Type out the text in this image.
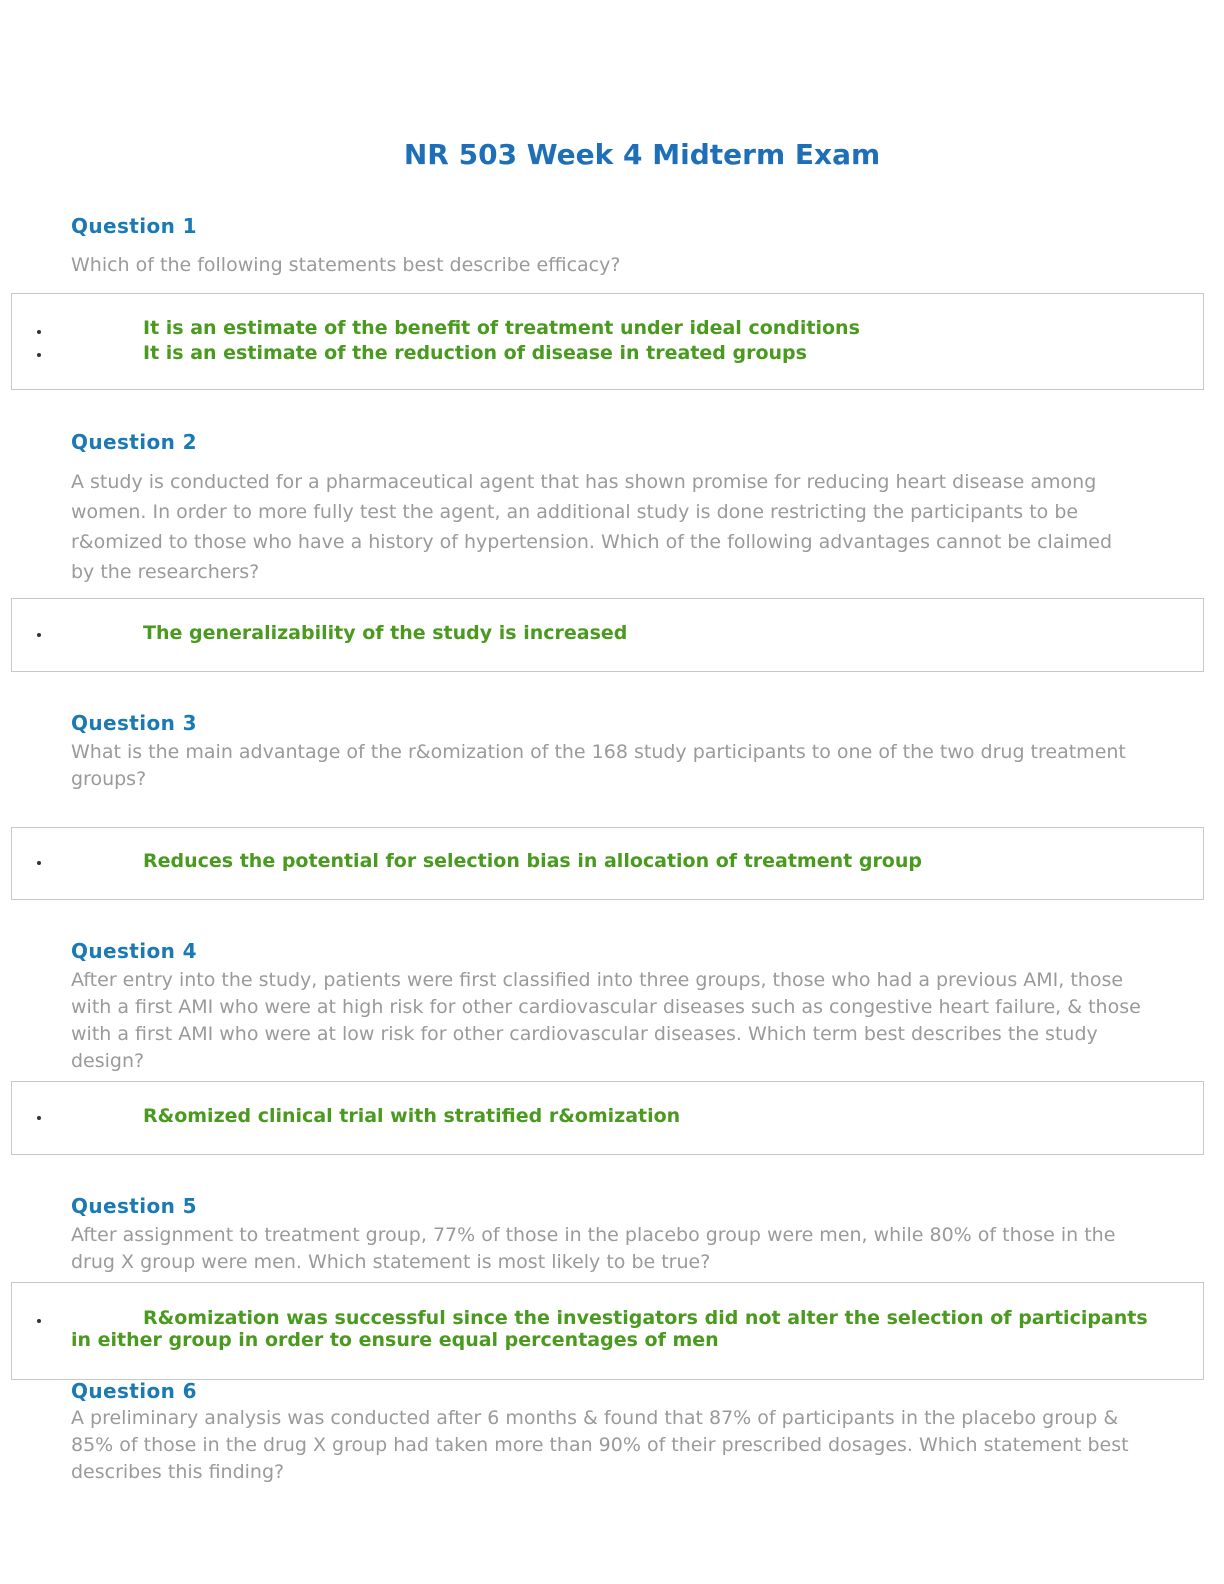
NR 503 Week 4 Midterm Exam
Question 1
Which of the following statements best describe efficacy?
It is an estimate of the benefit of treatment under ideal conditions
It is an estimate of the reduction of disease in treated groups
Question 2
A study is conducted for a pharmaceutical agent that has shown promise for reducing heart disease among women. In order to more fully test the agent, an additional study is done restricting the participants to be r&omized to those who have a history of hypertension. Which of the following advantages cannot be claimed by the researchers?
The generalizability of the study is increased
Question 3
What is the main advantage of the r&omization of the 168 study participants to one of the two drug treatment groups?
Reduces the potential for selection bias in allocation of treatment group
Question 4
After entry into the study, patients were first classified into three groups, those who had a previous AMI, those with a first AMI who were at high risk for other cardiovascular diseases such as congestive heart failure, & those with a first AMI who were at low risk for other cardiovascular diseases. Which term best describes the study design?
R&omized clinical trial with stratified r&omization
Question 5
After assignment to treatment group, 77% of those in the placebo group were men, while 80% of those in the drug X group were men. Which statement is most likely to be true?
R&omization was successful since the investigators did not alter the selection of participants in either group in order to ensure equal percentages of men
Question 6
A preliminary analysis was conducted after 6 months & found that 87% of participants in the placebo group & 85% of those in the drug X group had taken more than 90% of their prescribed dosages. Which statement best describes this finding?
